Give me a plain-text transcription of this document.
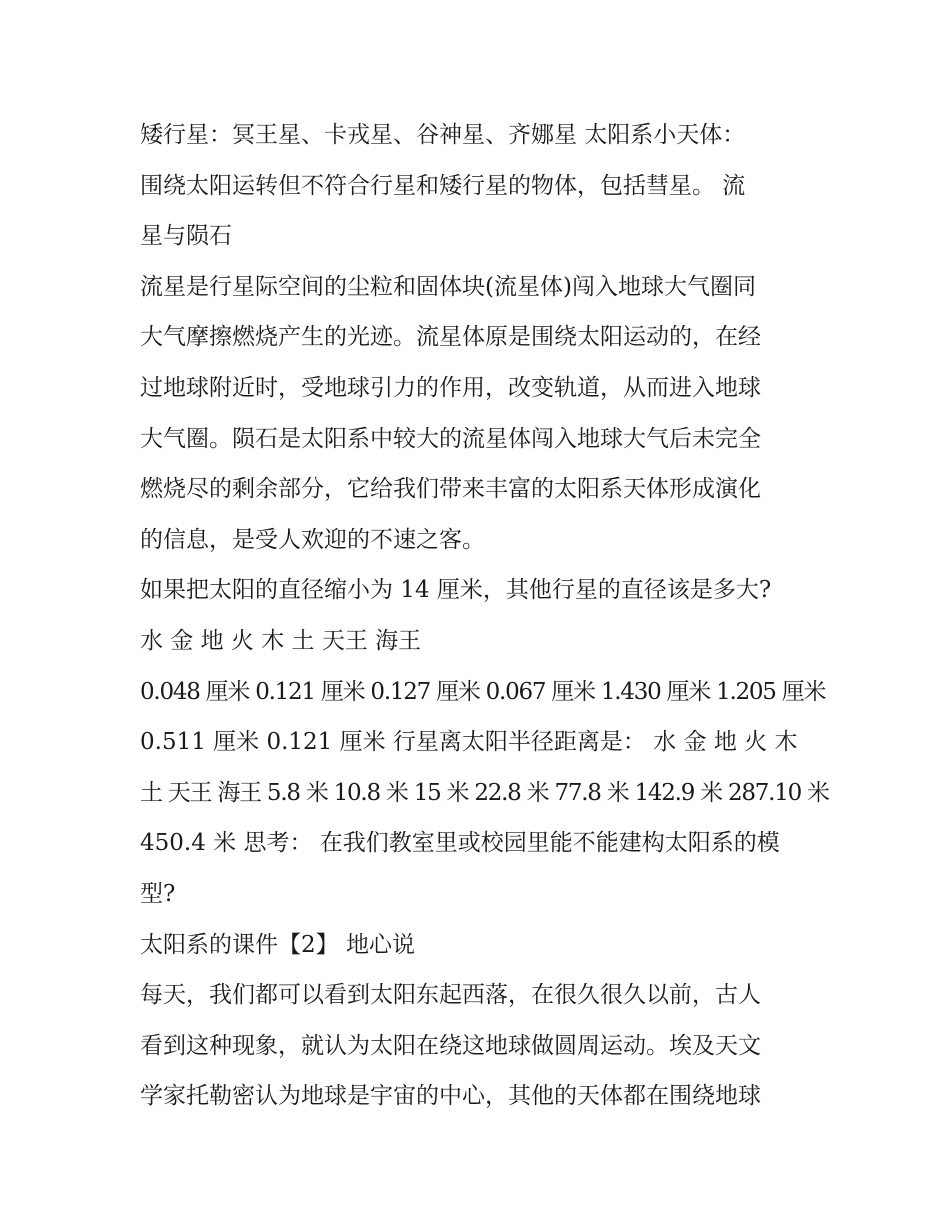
矮行星：冥王星、卡戎星、谷神星、齐娜星 太阳系小天体：
围绕太阳运转但不符合行星和矮行星的物体，包括彗星。 流
星与陨石
流星是行星际空间的尘粒和固体块(流星体)闯入地球大气圈同
大气摩擦燃烧产生的光迹。流星体原是围绕太阳运动的，在经
过地球附近时，受地球引力的作用，改变轨道，从而进入地球
大气圈。陨石是太阳系中较大的流星体闯入地球大气后未完全
燃烧尽的剩余部分，它给我们带来丰富的太阳系天体形成演化
的信息，是受人欢迎的不速之客。
如果把太阳的直径缩小为 14 厘米，其他行星的直径该是多大?
水 金 地 火 木 土 天王 海王
0.048 厘米 0.121 厘米 0.127 厘米 0.067 厘米 1.430 厘米 1.205 厘米
0.511 厘米 0.121 厘米 行星离太阳半径距离是： 水 金 地 火 木
土 天王 海王 5.8 米 10.8 米 15 米 22.8 米 77.8 米 142.9 米 287.10 米
450.4 米 思考： 在我们教室里或校园里能不能建构太阳系的模
型?
太阳系的课件【2】 地心说
每天，我们都可以看到太阳东起西落，在很久很久以前，古人
看到这种现象，就认为太阳在绕这地球做圆周运动。埃及天文
学家托勒密认为地球是宇宙的中心，其他的天体都在围绕地球
